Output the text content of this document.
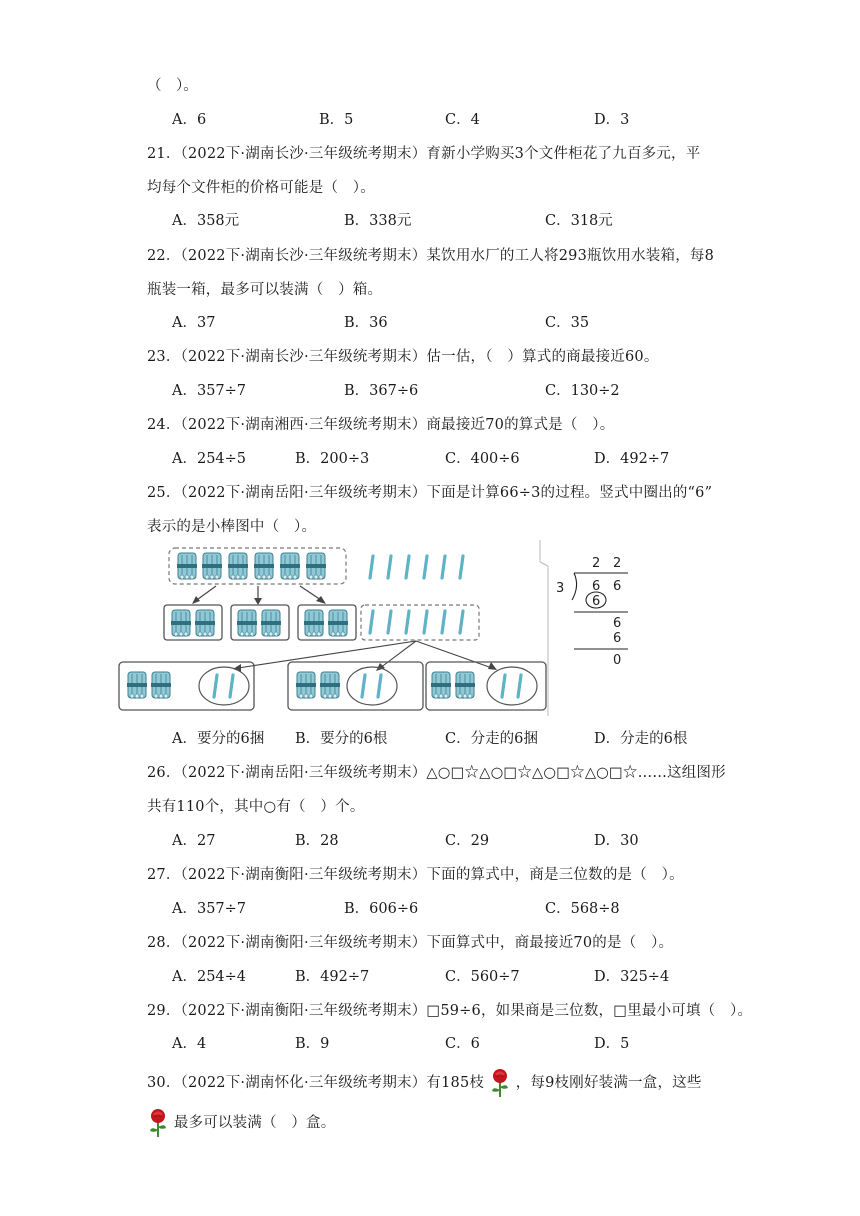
（　）。
A．6	B．5	C．4	D．3
21．（2022下·湖南长沙·三年级统考期末）育新小学购买3个文件柜花了九百多元，平
均每个文件柜的价格可能是（　）。
A．358元	B．338元	C．318元
22．（2022下·湖南长沙·三年级统考期末）某饮用水厂的工人将293瓶饮用水装箱，每8
瓶装一箱，最多可以装满（　）箱。
A．37	B．36	C．35
23．（2022下·湖南长沙·三年级统考期末）估一估，（　）算式的商最接近60。
A．357÷7	B．367÷6	C．130÷2
24．（2022下·湖南湘西·三年级统考期末）商最接近70的算式是（　）。
A．254÷5	B．200÷3	C．400÷6	D．492÷7
25．（2022下·湖南岳阳·三年级统考期末）下面是计算66÷3的过程。竖式中圈出的“6”
表示的是小棒图中（　）。
2 2
3 6 6
6
6
6
0
A．要分的6捆 B．要分的6根	C．分走的6捆	D．分走的6根
26．（2022下·湖南岳阳·三年级统考期末）△○□☆△○□☆△○□☆△○□☆……这组图形
共有110个，其中○有（　）个。
A．27	B．28	C．29	D．30
27．（2022下·湖南衡阳·三年级统考期末）下面的算式中，商是三位数的是（　）。
A．357÷7	B．606÷6	C．568÷8
28．（2022下·湖南衡阳·三年级统考期末）下面算式中，商最接近70的是（　）。
A．254÷4	B．492÷7	C．560÷7	D．325÷4
29．（2022下·湖南衡阳·三年级统考期末）□59÷6，如果商是三位数，□里最小可填（　）。
A．4	B．9	C．6	D．5
30．（2022下·湖南怀化·三年级统考期末）有185枝 ，每9枝刚好装满一盒，这些
最多可以装满（　）盒。
